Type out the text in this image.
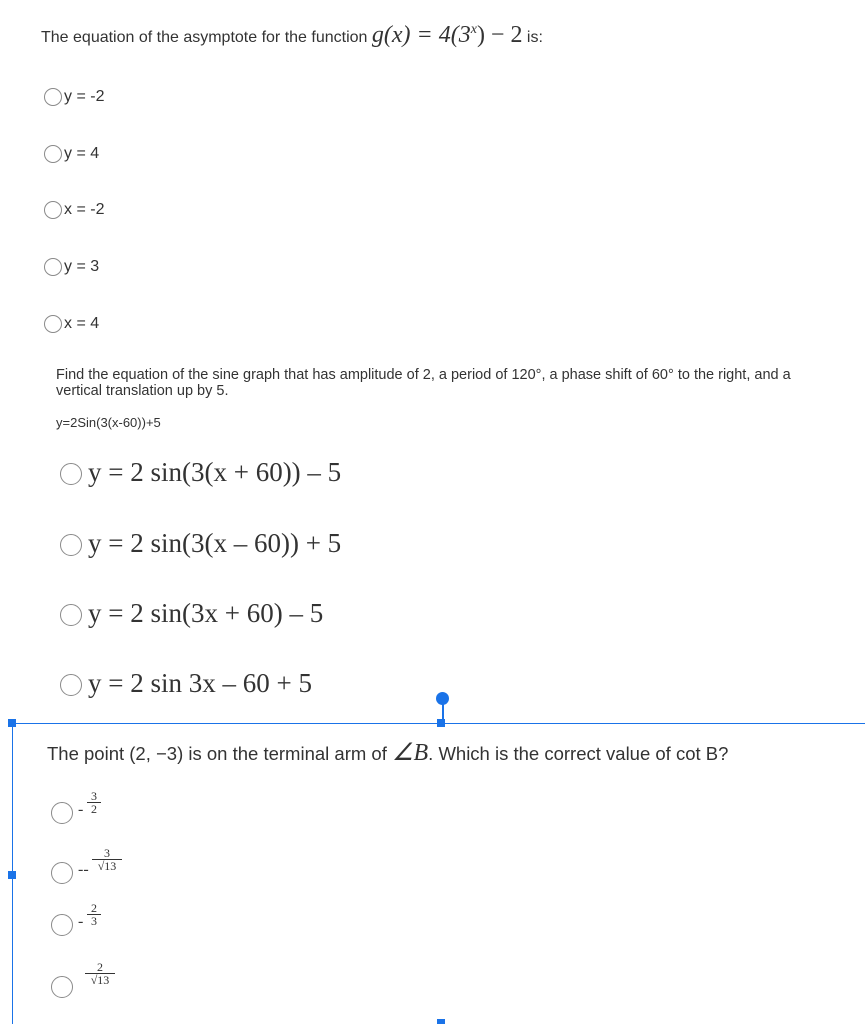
The equation of the asymptote for the function $g(x) = 4(3^x) - 2$ is:
y = -2
y = 4
x = -2
y = 3
x = 4
Find the equation of the sine graph that has amplitude of 2, a period of 120°, a phase shift of 60° to the right, and a vertical translation up by 5.
y=2Sin(3(x-60))+5
y = 2 sin(3(x + 60)) – 5
y = 2 sin(3(x – 60)) + 5
y = 2 sin(3x + 60) – 5
y = 2 sin 3x – 60 + 5
The point (2, −3) is on the terminal arm of ∠B. Which is the correct value of cot B?
-
3
2
--
3
√13
-
2
3
2
√13
